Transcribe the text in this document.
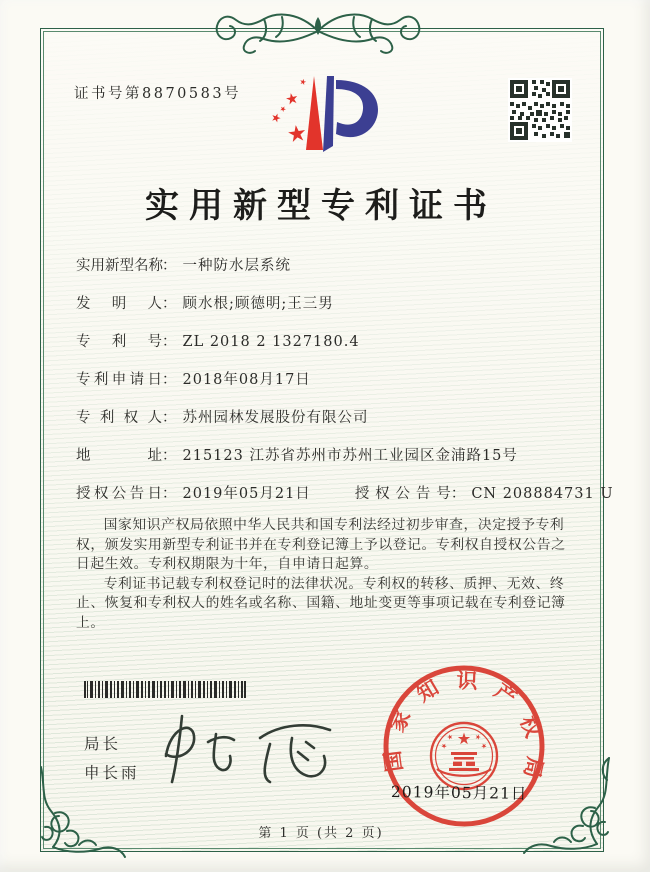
证书号第8870583号
实用新型专利证书
实用新型名称： 一种防水层系统
发明人： 顾水根;顾德明;王三男
专利号： ZL 2018 2 1327180.4
专利申请日： 2018年08月17日
专利权人： 苏州园林发展股份有限公司
地址： 215123 江苏省苏州市苏州工业园区金浦路15号
授权公告日： 2019年05月21日	授权公告号： CN 208884731 U

国家知识产权局依照中华人民共和国专利法经过初步审查，决定授予专利权，颁发实用新型专利证书并在专利登记簿上予以登记。专利权自授权公告之日起生效。专利权期限为十年，自申请日起算。

专利证书记载专利权登记时的法律状况。专利权的转移、质押、无效、终止、恢复和专利权人的姓名或名称、国籍、地址变更等事项记载在专利登记簿上。

局长
申长雨	国家知识产权局
2019年05月21日
第 1 页 (共 2 页)
